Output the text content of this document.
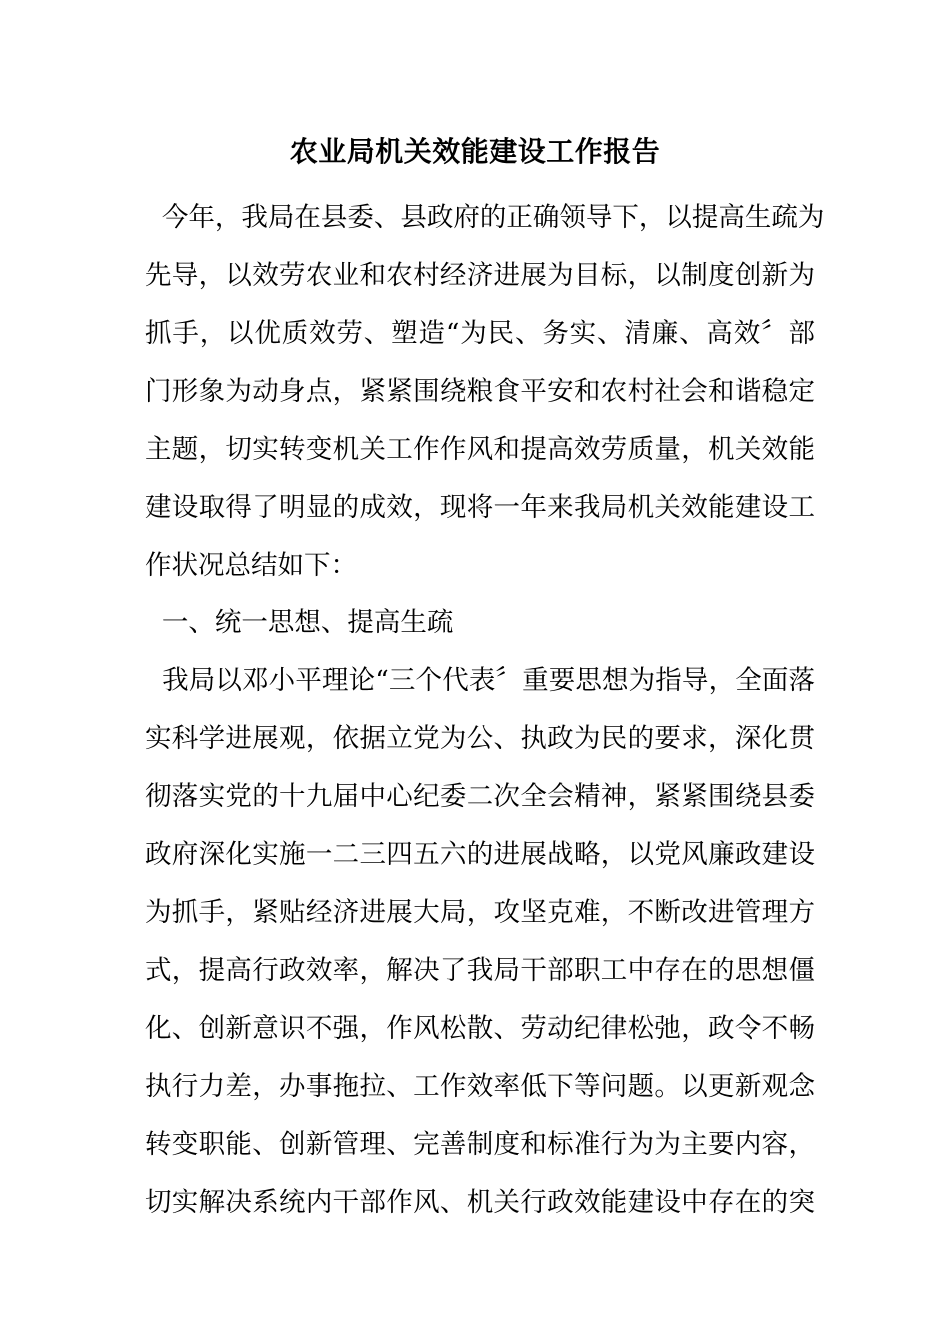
农业局机关效能建设工作报告
今年，我局在县委、县政府的正确领导下，以提高生疏为
先导，以效劳农业和农村经济进展为目标，以制度创新为
抓手，以优质效劳、塑造“为民、务实、清廉、高效〞部
门形象为动身点，紧紧围绕粮食平安和农村社会和谐稳定
主题，切实转变机关工作作风和提高效劳质量，机关效能
建设取得了明显的成效，现将一年来我局机关效能建设工
作状况总结如下：
一、统一思想、提高生疏
我局以邓小平理论“三个代表〞重要思想为指导，全面落
实科学进展观，依据立党为公、执政为民的要求，深化贯
彻落实党的十九届中心纪委二次全会精神，紧紧围绕县委
政府深化实施一二三四五六的进展战略，以党风廉政建设
为抓手，紧贴经济进展大局，攻坚克难，不断改进管理方
式，提高行政效率，解决了我局干部职工中存在的思想僵
化、创新意识不强，作风松散、劳动纪律松弛，政令不畅
执行力差，办事拖拉、工作效率低下等问题。以更新观念
转变职能、创新管理、完善制度和标准行为为主要内容，
切实解决系统内干部作风、机关行政效能建设中存在的突
